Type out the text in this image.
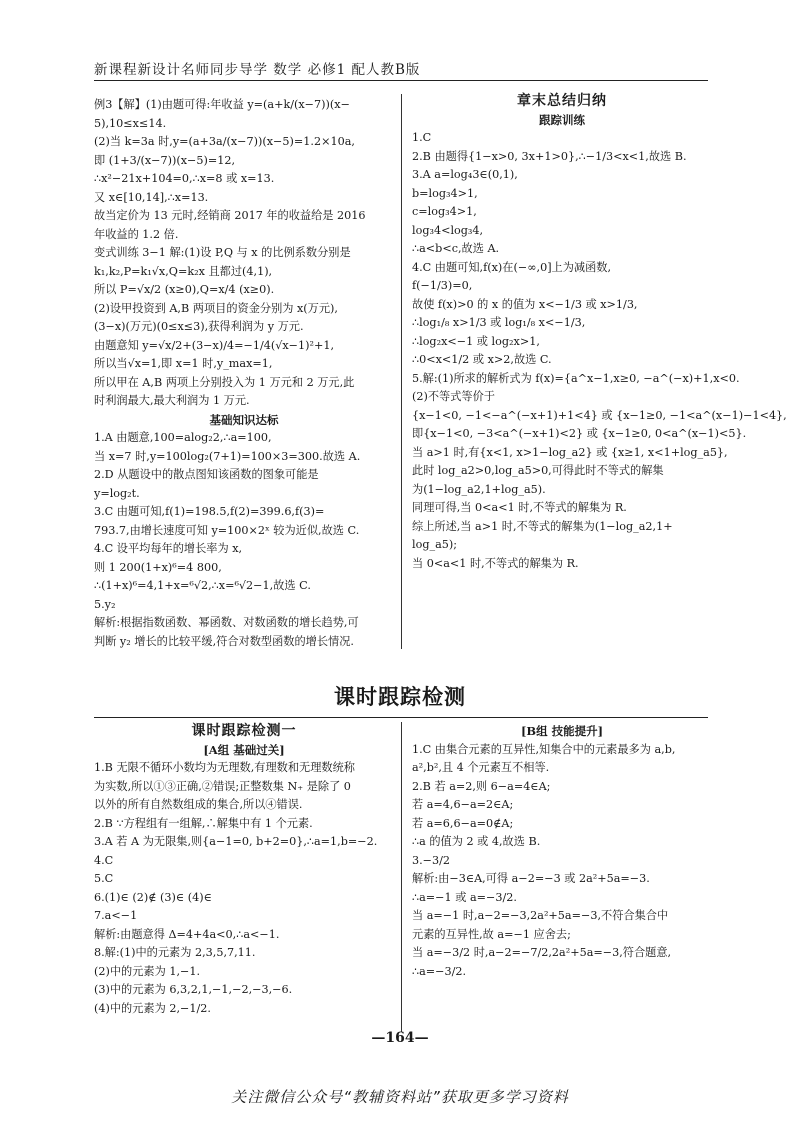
新课程新设计名师同步导学 数学 必修1 配人教B版

例3【解】(1)由题可得:年收益 y=(a+k/(x−7))(x−

5),10≤x≤14.

(2)当 k=3a 时,y=(a+3a/(x−7))(x−5)=1.2×10a,

即 (1+3/(x−7))(x−5)=12,

∴x²−21x+104=0,∴x=8 或 x=13.

又 x∈[10,14],∴x=13.

故当定价为 13 元时,经销商 2017 年的收益给是 2016

年收益的 1.2 倍.

变式训练 3−1 解:(1)设 P,Q 与 x 的比例系数分别是

k₁,k₂,P=k₁√x,Q=k₂x 且都过(4,1),

所以 P=√x/2 (x≥0),Q=x/4 (x≥0).

(2)设甲投资到 A,B 两项目的资金分别为 x(万元),

(3−x)(万元)(0≤x≤3),获得利润为 y 万元.

由题意知 y=√x/2+(3−x)/4=−1/4(√x−1)²+1,

所以当√x=1,即 x=1 时,y_max=1,

所以甲在 A,B 两项上分别投入为 1 万元和 2 万元,此

时利润最大,最大利润为 1 万元.

基础知识达标

1.A 由题意,100=alog₂2,∴a=100,

当 x=7 时,y=100log₂(7+1)=100×3=300.故选 A.

2.D 从题设中的散点图知该函数的图象可能是

y=log₂t.

3.C 由题可知,f(1)=198.5,f(2)=399.6,f(3)=

793.7,由增长速度可知 y=100×2ˣ 较为近似,故选 C.

4.C 设平均每年的增长率为 x,

则 1 200(1+x)⁶=4 800,

∴(1+x)⁶=4,1+x=⁶√2,∴x=⁶√2−1,故选 C.

5.y₂

解析:根据指数函数、幂函数、对数函数的增长趋势,可

判断 y₂ 增长的比较平缓,符合对数型函数的增长情况.

章末总结归纳
跟踪训练

1.C

2.B 由题得{1−x>0, 3x+1>0},∴−1/3<x<1,故选 B.

3.A a=log₄3∈(0,1),

b=log₃4>1,

c=log₃4>1,

log₃4<log₃4,

∴a<b<c,故选 A.

4.C 由题可知,f(x)在(−∞,0]上为减函数,

f(−1/3)=0,

故使 f(x)>0 的 x 的值为 x<−1/3 或 x>1/3,

∴log₁/₈ x>1/3 或 log₁/₈ x<−1/3,

∴log₂x<−1 或 log₂x>1,

∴0<x<1/2 或 x>2,故选 C.

5.解:(1)所求的解析式为 f(x)={a^x−1,x≥0, −a^(−x)+1,x<0.

(2)不等式等价于

{x−1<0, −1<−a^(−x+1)+1<4} 或 {x−1≥0, −1<a^(x−1)−1<4},

即{x−1<0, −3<a^(−x+1)<2} 或 {x−1≥0, 0<a^(x−1)<5}.

当 a>1 时,有{x<1, x>1−log_a2} 或 {x≥1, x<1+log_a5},

此时 log_a2>0,log_a5>0,可得此时不等式的解集

为(1−log_a2,1+log_a5).

同理可得,当 0<a<1 时,不等式的解集为 R.

综上所述,当 a>1 时,不等式的解集为(1−log_a2,1+

log_a5);

当 0<a<1 时,不等式的解集为 R.

课时跟踪检测
课时跟踪检测一
[A组 基础过关]

1.B 无限不循环小数均为无理数,有理数和无理数统称

为实数,所以①③正确,②错误;正整数集 N₊ 是除了 0

以外的所有自然数组成的集合,所以④错误.

2.B ∵方程组有一组解,∴解集中有 1 个元素.

3.A 若 A 为无限集,则{a−1=0, b+2=0},∴a=1,b=−2.

4.C

5.C

6.(1)∈ (2)∉ (3)∈ (4)∈

7.a<−1

解析:由题意得 Δ=4+4a<0,∴a<−1.

8.解:(1)中的元素为 2,3,5,7,11.

(2)中的元素为 1,−1.

(3)中的元素为 6,3,2,1,−1,−2,−3,−6.

(4)中的元素为 2,−1/2.

[B组 技能提升]

1.C 由集合元素的互异性,知集合中的元素最多为 a,b,

a²,b²,且 4 个元素互不相等.

2.B 若 a=2,则 6−a=4∈A;

若 a=4,6−a=2∈A;

若 a=6,6−a=0∉A;

∴a 的值为 2 或 4,故选 B.

3.−3/2

解析:由−3∈A,可得 a−2=−3 或 2a²+5a=−3.

∴a=−1 或 a=−3/2.

当 a=−1 时,a−2=−3,2a²+5a=−3,不符合集合中

元素的互异性,故 a=−1 应舍去;

当 a=−3/2 时,a−2=−7/2,2a²+5a=−3,符合题意,

∴a=−3/2.

—164—
关注微信公众号“教辅资料站”获取更多学习资料
